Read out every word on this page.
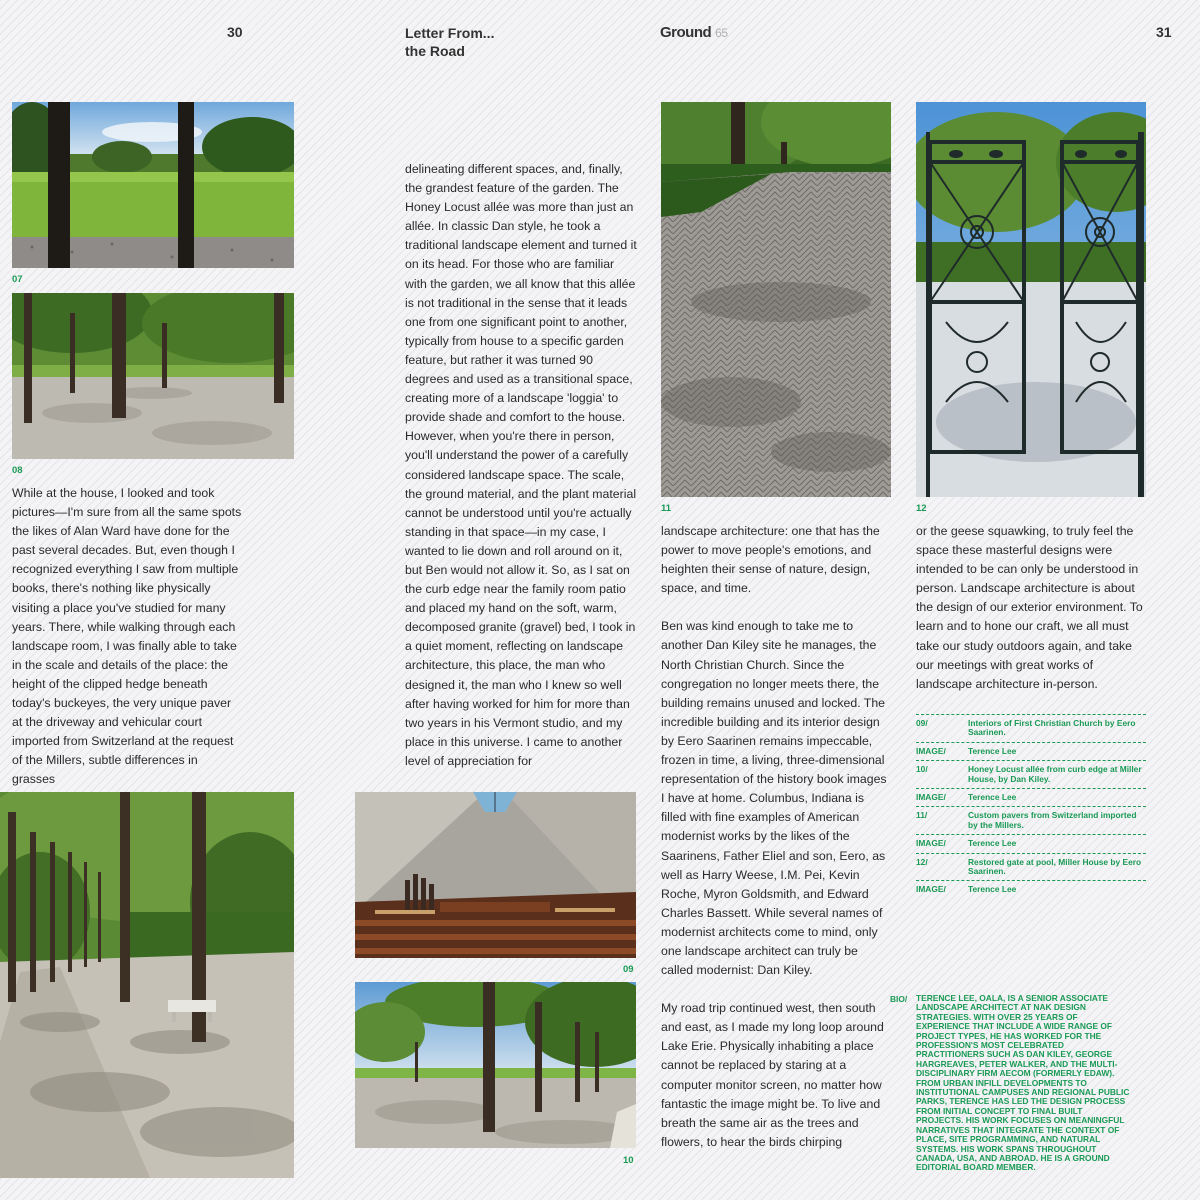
30	Letter From...
the Road
Ground 65	31
07
08

While at the house, I looked and took pictures—I'm sure from all the same spots the likes of Alan Ward have done for the past several decades. But, even though I recognized everything I saw from multiple books, there's nothing like physically visiting a place you've studied for many years. There, while walking through each landscape room, I was finally able to take in the scale and details of the place: the height of the clipped hedge beneath today's buckeyes, the very unique paver at the driveway and vehicular court imported from Switzerland at the request of the Millers, subtle differences in grasses

delineating different spaces, and, finally, the grandest feature of the garden. The Honey Locust allée was more than just an allée. In classic Dan style, he took a traditional landscape element and turned it on its head. For those who are familiar with the garden, we all know that this allée is not traditional in the sense that it leads one from one significant point to another, typically from house to a specific garden feature, but rather it was turned 90 degrees and used as a transitional space, creating more of a landscape 'loggia' to provide shade and comfort to the house. However, when you're there in person, you'll understand the power of a carefully considered landscape space. The scale, the ground material, and the plant material cannot be understood until you're actually standing in that space—in my case, I wanted to lie down and roll around on it, but Ben would not allow it. So, as I sat on the curb edge near the family room patio and placed my hand on the soft, warm, decomposed granite (gravel) bed, I took in a quiet moment, reflecting on landscape architecture, this place, the man who designed it, the man who I knew so well after having worked for him for more than two years in his Vermont studio, and my place in this universe. I came to another level of appreciation for

09
10
11

landscape architecture: one that has the power to move people's emotions, and heighten their sense of nature, design, space, and time.

Ben was kind enough to take me to another Dan Kiley site he manages, the North Christian Church. Since the congregation no longer meets there, the building remains unused and locked. The incredible building and its interior design by Eero Saarinen remains impeccable, frozen in time, a living, three-dimensional representation of the history book images I have at home. Columbus, Indiana is filled with fine examples of American modernist works by the likes of the Saarinens, Father Eliel and son, Eero, as well as Harry Weese, I.M. Pei, Kevin Roche, Myron Goldsmith, and Edward Charles Bassett. While several names of modernist architects come to mind, only one landscape architect can truly be called modernist: Dan Kiley.

My road trip continued west, then south and east, as I made my long loop around Lake Erie. Physically inhabiting a place cannot be replaced by staring at a computer monitor screen, no matter how fantastic the image might be. To live and breath the same air as the trees and flowers, to hear the birds chirping

12

or the geese squawking, to truly feel the space these masterful designs were intended to be can only be understood in person. Landscape architecture is about the design of our exterior environment. To learn and to hone our craft, we all must take our study outdoors again, and take our meetings with great works of landscape architecture in-person.

09/	Interiors of First Christian Church by Eero Saarinen.
IMAGE/	Terence Lee
10/	Honey Locust allée from curb edge at Miller House, by Dan Kiley.
IMAGE/	Terence Lee
11/	Custom pavers from Switzerland imported by the Millers.
IMAGE/	Terence Lee
12/	Restored gate at pool, Miller House by Eero Saarinen.
IMAGE/	Terence Lee
BIO/ TERENCE LEE, OALA, IS A SENIOR ASSOCIATE LANDSCAPE ARCHITECT AT NAK DESIGN STRATEGIES. WITH OVER 25 YEARS OF EXPERIENCE THAT INCLUDE A WIDE RANGE OF PROJECT TYPES, HE HAS WORKED FOR THE PROFESSION'S MOST CELEBRATED PRACTITIONERS SUCH AS DAN KILEY, GEORGE HARGREAVES, PETER WALKER, AND THE MULTI-DISCIPLINARY FIRM AECOM (FORMERLY EDAW). FROM URBAN INFILL DEVELOPMENTS TO INSTITUTIONAL CAMPUSES AND REGIONAL PUBLIC PARKS, TERENCE HAS LED THE DESIGN PROCESS FROM INITIAL CONCEPT TO FINAL BUILT PROJECTS. HIS WORK FOCUSES ON MEANINGFUL NARRATIVES THAT INTEGRATE THE CONTEXT OF PLACE, SITE PROGRAMMING, AND NATURAL SYSTEMS. HIS WORK SPANS THROUGHOUT CANADA, USA, AND ABROAD. HE IS A GROUND EDITORIAL BOARD MEMBER.
